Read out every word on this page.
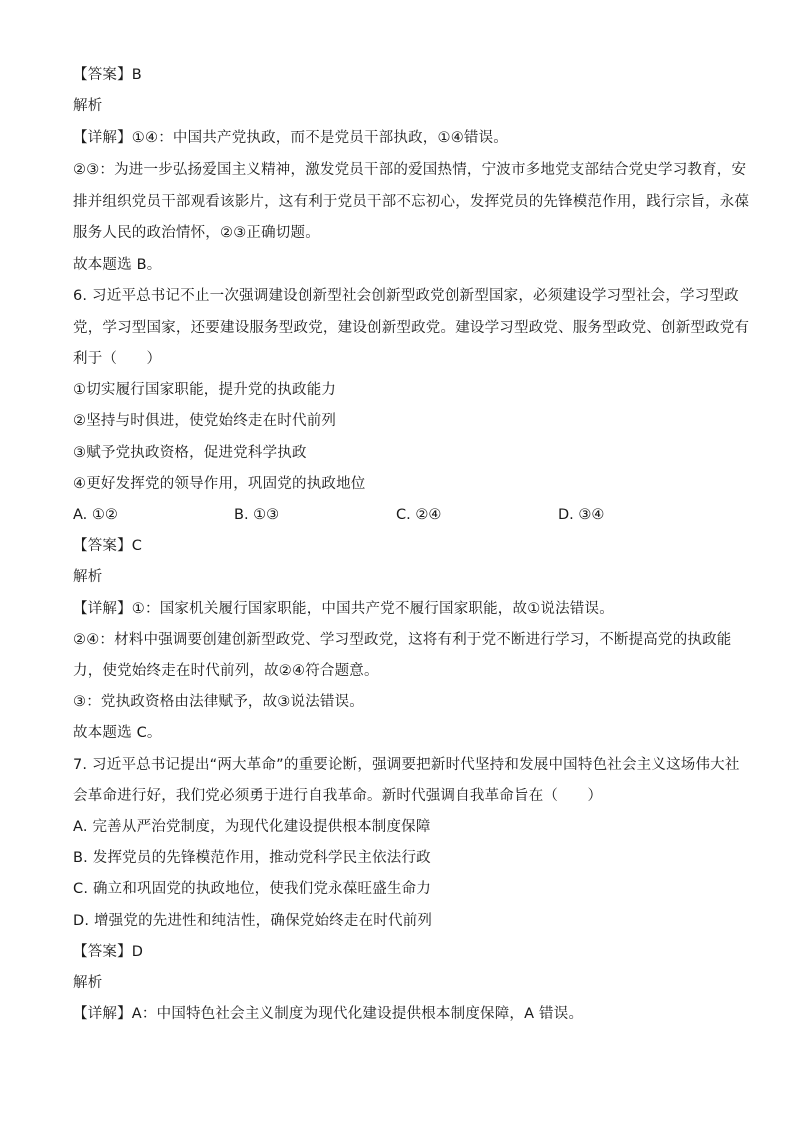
【答案】B
解析
【详解】①④：中国共产党执政，而不是党员干部执政，①④错误。
②③：为进一步弘扬爱国主义精神，激发党员干部的爱国热情，宁波市多地党支部结合党史学习教育，安
排并组织党员干部观看该影片，这有利于党员干部不忘初心，发挥党员的先锋模范作用，践行宗旨，永葆
服务人民的政治情怀，②③正确切题。
故本题选 B。
6. 习近平总书记不止一次强调建设创新型社会创新型政党创新型国家，必须建设学习型社会，学习型政
党，学习型国家，还要建设服务型政党，建设创新型政党。建设学习型政党、服务型政党、创新型政党有
利于（　　）
①切实履行国家职能，提升党的执政能力
②坚持与时俱进，使党始终走在时代前列
③赋予党执政资格，促进党科学执政
④更好发挥党的领导作用，巩固党的执政地位
A. ①②	B. ①③	C. ②④	D. ③④
【答案】C
解析
【详解】①：国家机关履行国家职能，中国共产党不履行国家职能，故①说法错误。
②④：材料中强调要创建创新型政党、学习型政党，这将有利于党不断进行学习，不断提高党的执政能
力，使党始终走在时代前列，故②④符合题意。
③：党执政资格由法律赋予，故③说法错误。
故本题选 C。
7. 习近平总书记提出“两大革命”的重要论断，强调要把新时代坚持和发展中国特色社会主义这场伟大社
会革命进行好，我们党必须勇于进行自我革命。新时代强调自我革命旨在（　　）
A. 完善从严治党制度，为现代化建设提供根本制度保障
B. 发挥党员的先锋模范作用，推动党科学民主依法行政
C. 确立和巩固党的执政地位，使我们党永葆旺盛生命力
D. 增强党的先进性和纯洁性，确保党始终走在时代前列
【答案】D
解析
【详解】A：中国特色社会主义制度为现代化建设提供根本制度保障，A 错误。
